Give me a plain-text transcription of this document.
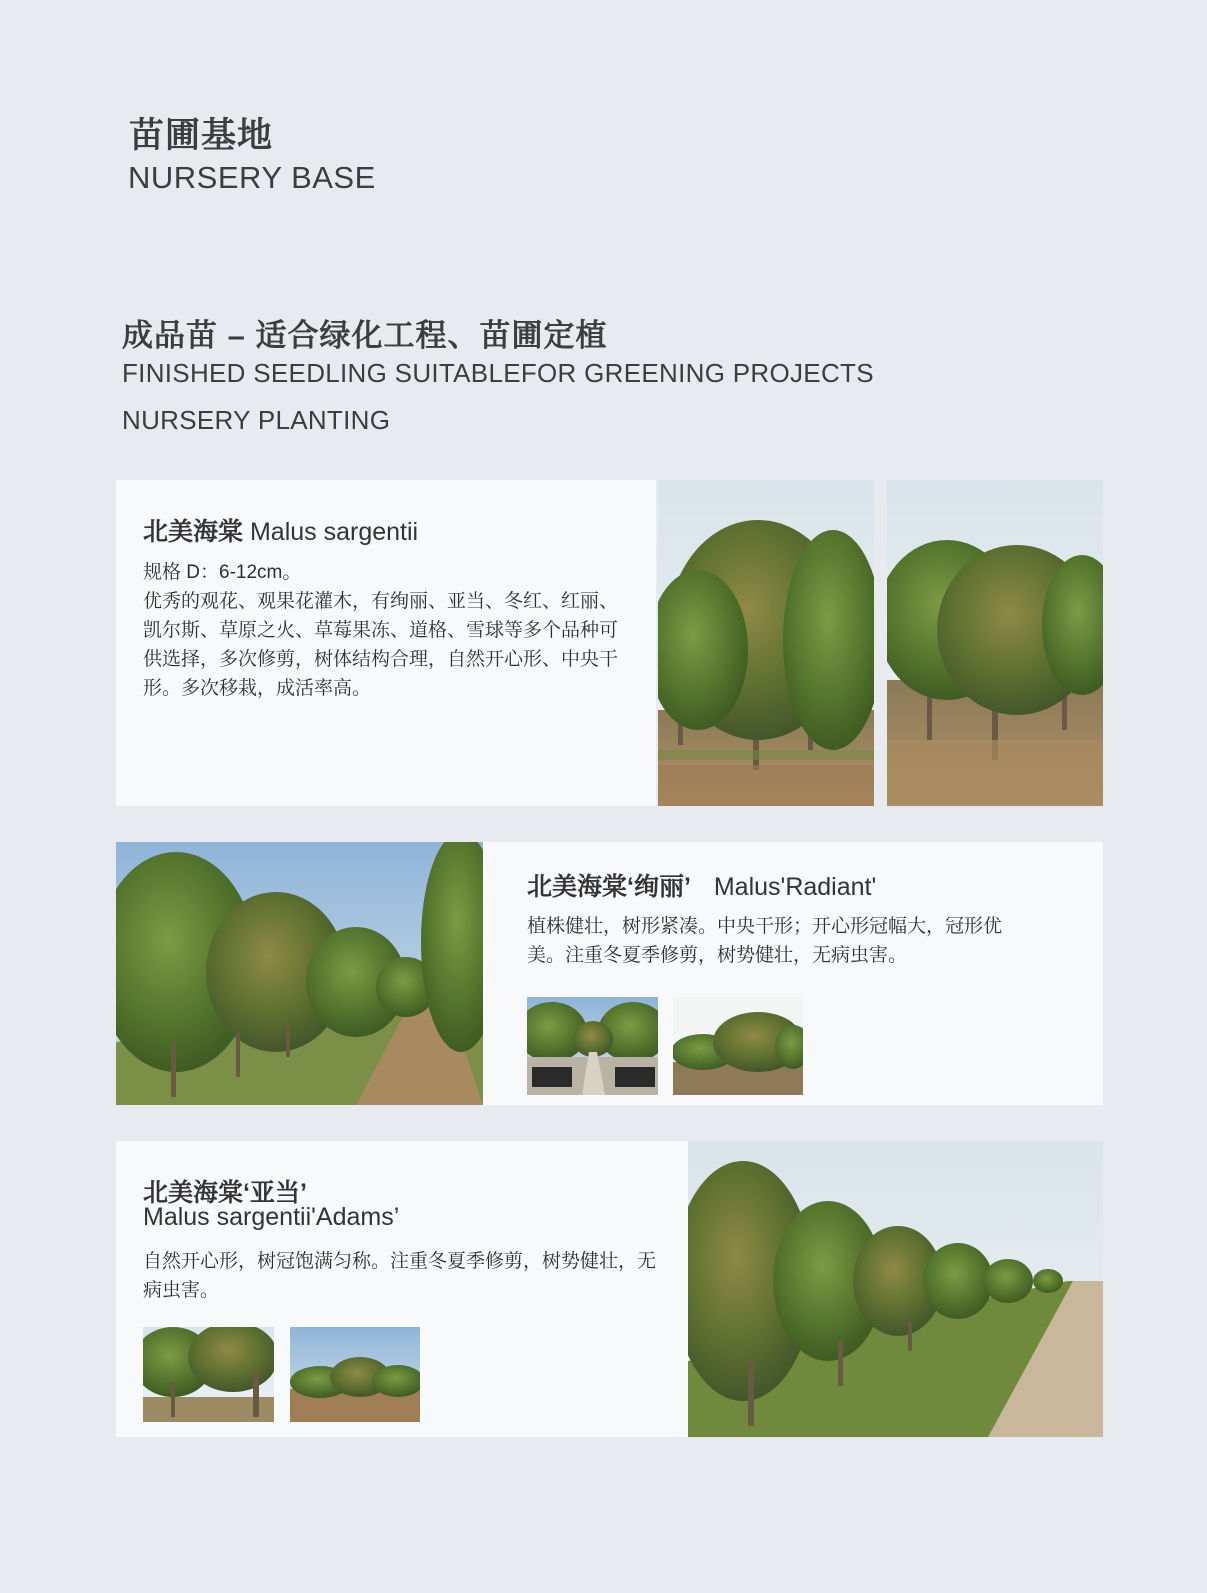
苗圃基地
NURSERY BASE
成品苗 – 适合绿化工程、苗圃定植
FINISHED SEEDLING SUITABLEFOR GREENING PROJECTS
NURSERY PLANTING
北美海棠 Malus sargentii
规格 D：6-12cm。
优秀的观花、观果花灌木，有绚丽、亚当、冬红、红丽、凯尔斯、草原之火、草莓果冻、道格、雪球等多个品种可供选择，多次修剪，树体结构合理，自然开心形、中央干形。多次移栽，成活率高。
北美海棠‘绚丽’ Malus'Radiant'
植株健壮，树形紧凑。中央干形；开心形冠幅大，冠形优美。注重冬夏季修剪，树势健壮，无病虫害。
北美海棠‘亚当’
Malus sargentii'Adams’
自然开心形，树冠饱满匀称。注重冬夏季修剪，树势健壮，无病虫害。
